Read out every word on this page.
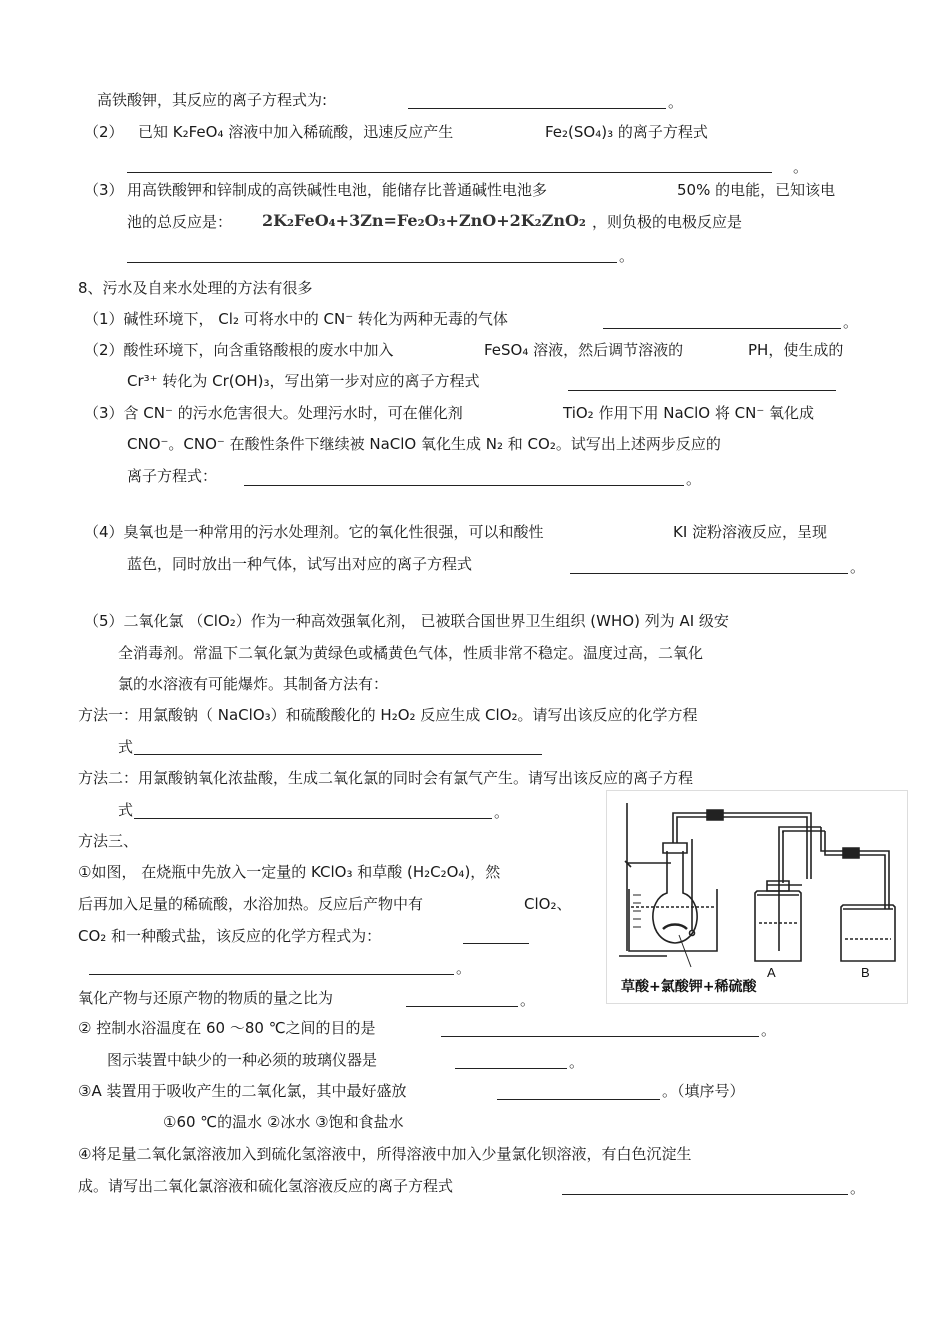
高铁酸钾，其反应的离子方程式为:	。
（2） 已知 K₂FeO₄ 溶液中加入稀硫酸，迅速反应产生	Fe₂(SO₄)₃ 的离子方程式
。
（3） 用高铁酸钾和锌制成的高铁碱性电池，能储存比普通碱性电池多	50% 的电能，已知该电
池的总反应是： 2K₂FeO₄+3Zn=Fe₂O₃+ZnO+2K₂ZnO₂ ，则负极的电极反应是
。
8、污水及自来水处理的方法有很多
（1）碱性环境下， Cl₂ 可将水中的 CN⁻ 转化为两种无毒的气体	。
（2）酸性环境下，向含重铬酸根的废水中加入	FeSO₄ 溶液，然后调节溶液的	PH，使生成的
Cr³⁺ 转化为 Cr(OH)₃，写出第一步对应的离子方程式
（3）含 CN⁻ 的污水危害很大。处理污水时，可在催化剂	TiO₂ 作用下用 NaClO 将 CN⁻ 氧化成
CNO⁻。CNO⁻ 在酸性条件下继续被 NaClO 氧化生成 N₂ 和 CO₂。试写出上述两步反应的
离子方程式：	。
（4）臭氧也是一种常用的污水处理剂。它的氧化性很强，可以和酸性	KI 淀粉溶液反应，呈现
蓝色，同时放出一种气体，试写出对应的离子方程式	。
（5）二氧化氯 （ClO₂）作为一种高效强氧化剂， 已被联合国世界卫生组织 (WHO) 列为 AI 级安
全消毒剂。常温下二氧化氯为黄绿色或橘黄色气体，性质非常不稳定。温度过高，二氧化
氯的水溶液有可能爆炸。其制备方法有：
方法一：用氯酸钠（ NaClO₃）和硫酸酸化的 H₂O₂ 反应生成 ClO₂。请写出该反应的化学方程
式
方法二：用氯酸钠氧化浓盐酸，生成二氧化氯的同时会有氯气产生。请写出该反应的离子方程
式	。
方法三、
①如图， 在烧瓶中先放入一定量的 KClO₃ 和草酸 (H₂C₂O₄)，然
后再加入足量的稀硫酸，水浴加热。反应后产物中有	ClO₂、
CO₂ 和一种酸式盐，该反应的化学方程式为：
。
氧化产物与还原产物的物质的量之比为	。
② 控制水浴温度在 60 ～80 ℃之间的目的是	。
图示装置中缺少的一种必须的玻璃仪器是	。
③A 装置用于吸收产生的二氧化氯，其中最好盛放	。（填序号）
①60 ℃的温水 ②冰水 ③饱和食盐水
④将足量二氧化氯溶液加入到硫化氢溶液中，所得溶液中加入少量氯化钡溶液，有白色沉淀生
成。请写出二氧化氯溶液和硫化氢溶液反应的离子方程式	。
A	B
草酸+氯酸钾+稀硫酸
